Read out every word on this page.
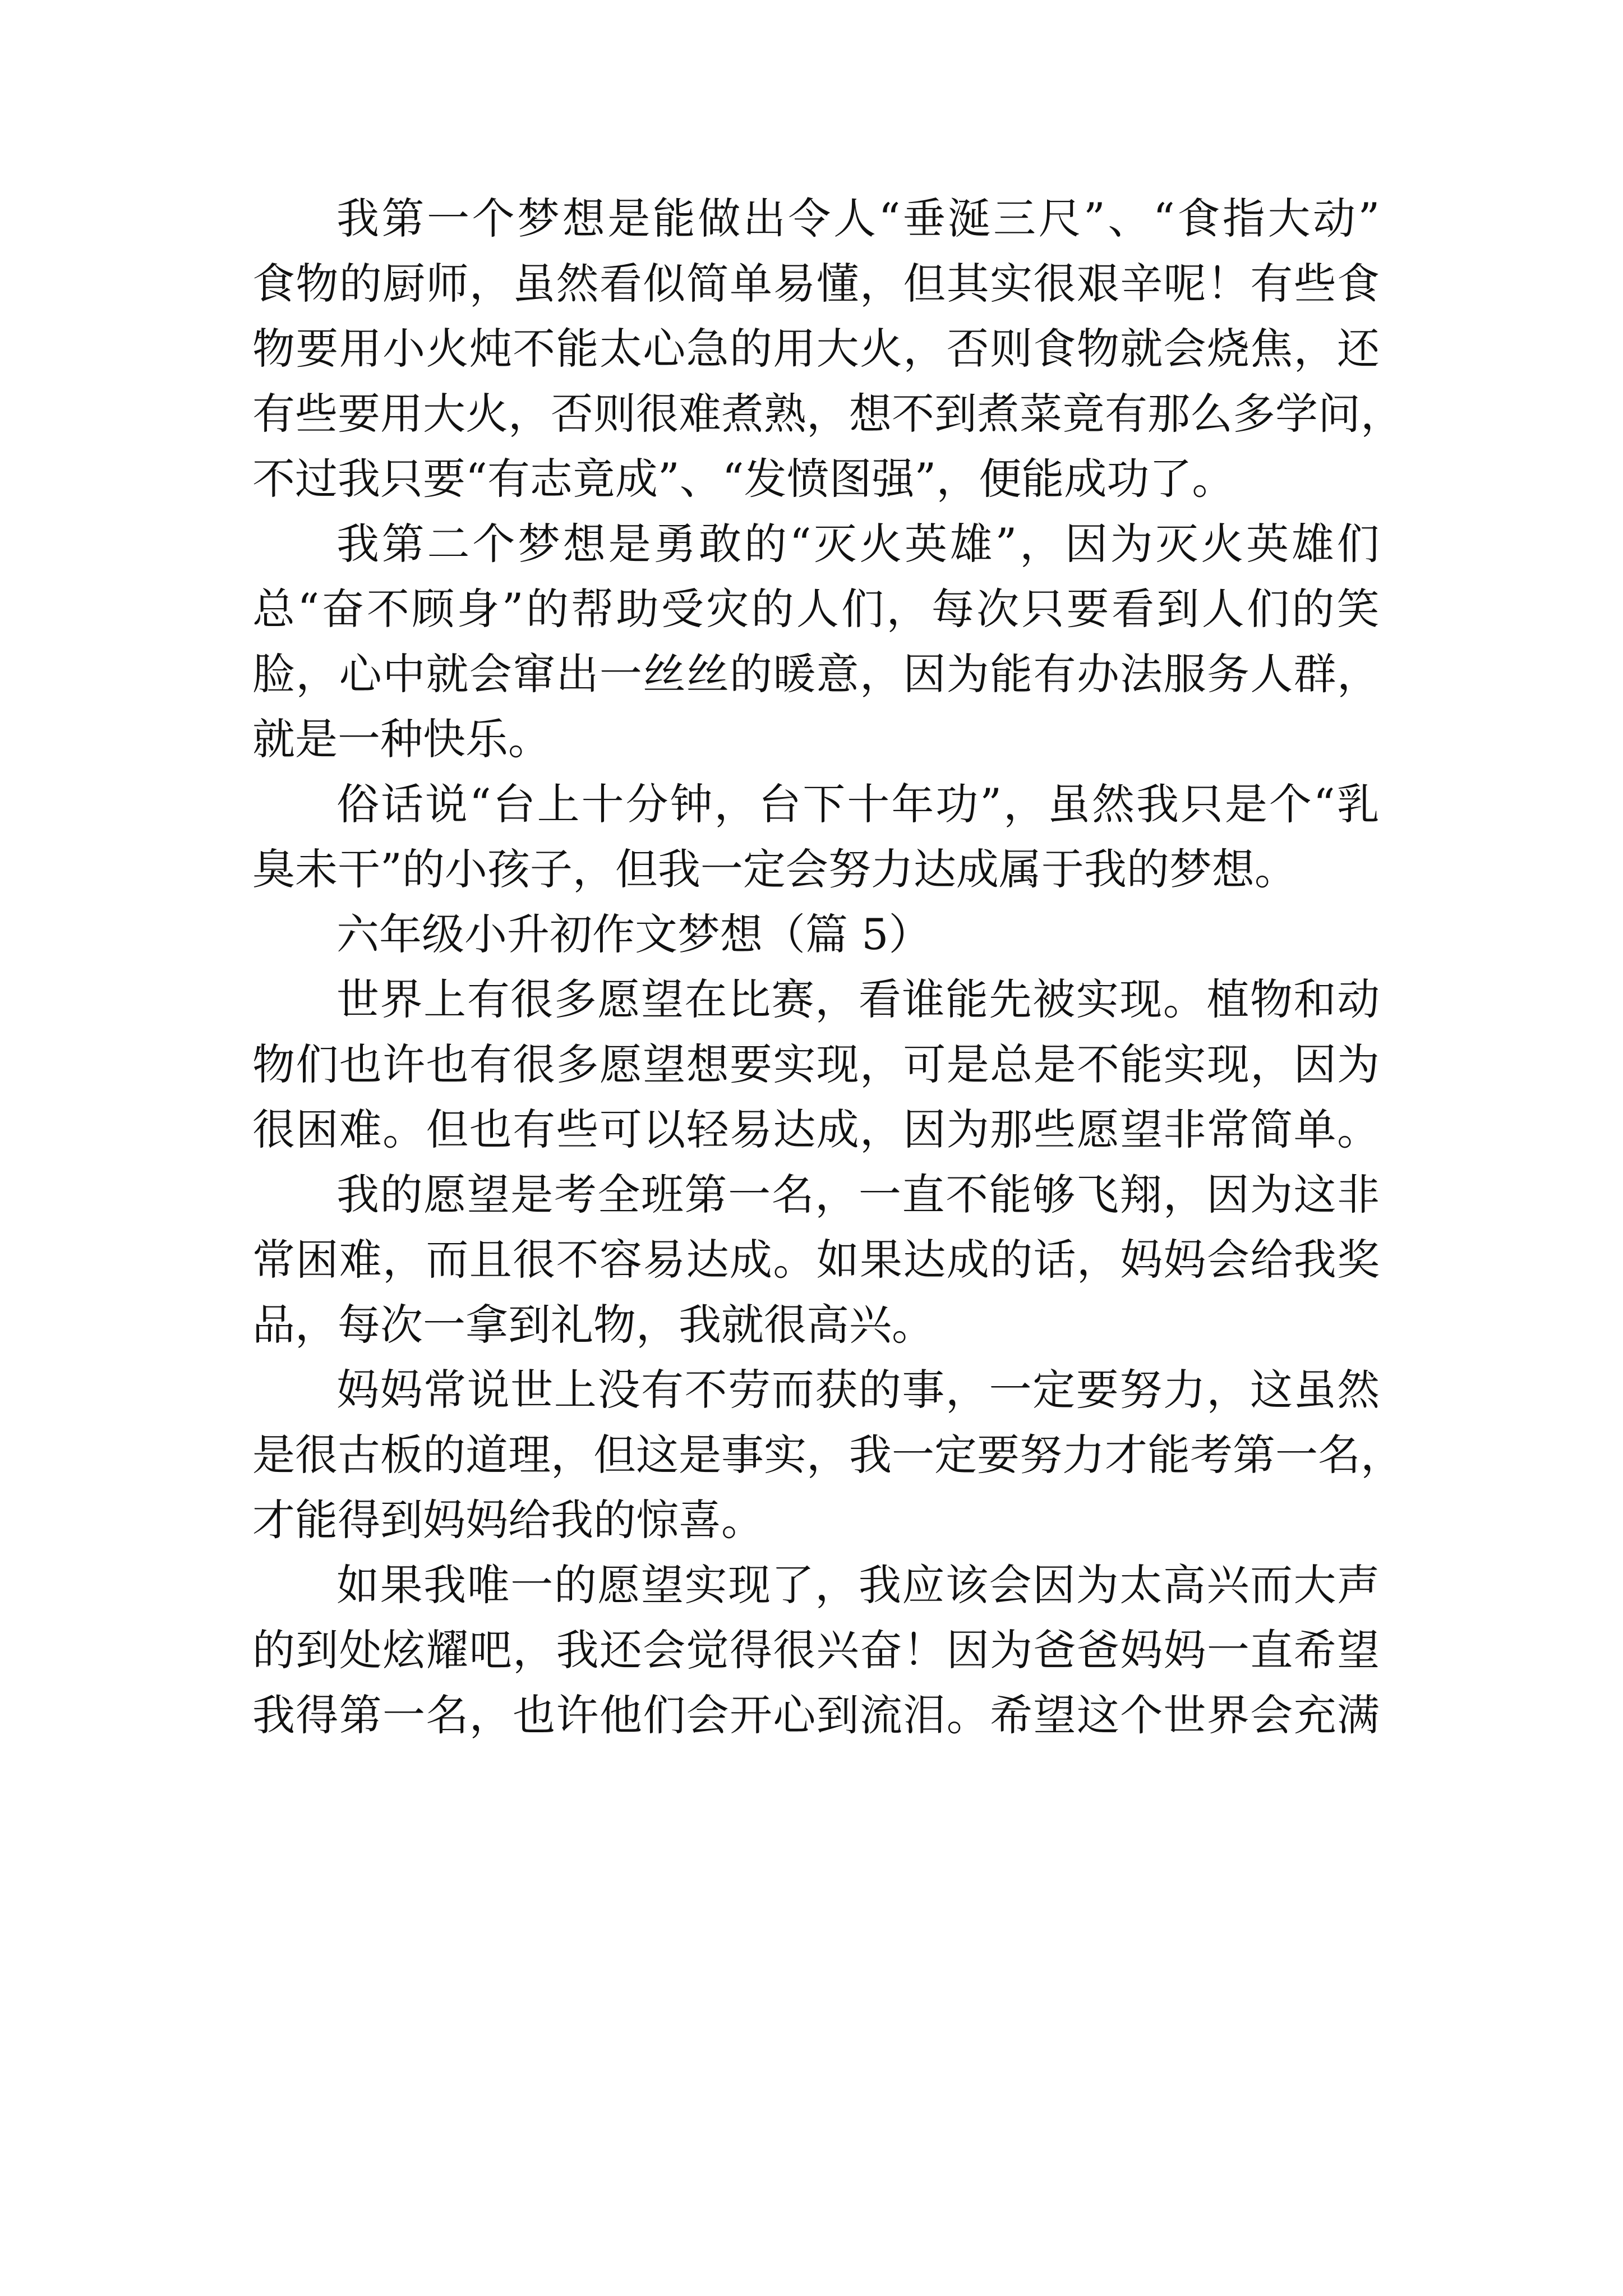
我第一个梦想是能做出令人“垂涎三尺”、“食指大动”
食物的厨师，虽然看似简单易懂，但其实很艰辛呢！有些食
物要用小火炖不能太心急的用大火，否则食物就会烧焦，还
有些要用大火，否则很难煮熟，想不到煮菜竟有那么多学问，
不过我只要“有志竟成”、“发愤图强”，便能成功了。
我第二个梦想是勇敢的“灭火英雄”，因为灭火英雄们
总“奋不顾身”的帮助受灾的人们，每次只要看到人们的笑
脸，心中就会窜出一丝丝的暖意，因为能有办法服务人群，
就是一种快乐。
俗话说“台上十分钟，台下十年功”，虽然我只是个“乳
臭未干”的小孩子，但我一定会努力达成属于我的梦想。
六年级小升初作文梦想（篇 5）
世界上有很多愿望在比赛，看谁能先被实现。植物和动
物们也许也有很多愿望想要实现，可是总是不能实现，因为
很困难。但也有些可以轻易达成，因为那些愿望非常简单。
我的愿望是考全班第一名，一直不能够飞翔，因为这非
常困难，而且很不容易达成。如果达成的话，妈妈会给我奖
品，每次一拿到礼物，我就很高兴。
妈妈常说世上没有不劳而获的事，一定要努力，这虽然
是很古板的道理，但这是事实，我一定要努力才能考第一名，
才能得到妈妈给我的惊喜。
如果我唯一的愿望实现了，我应该会因为太高兴而大声
的到处炫耀吧，我还会觉得很兴奋！因为爸爸妈妈一直希望
我得第一名，也许他们会开心到流泪。希望这个世界会充满
